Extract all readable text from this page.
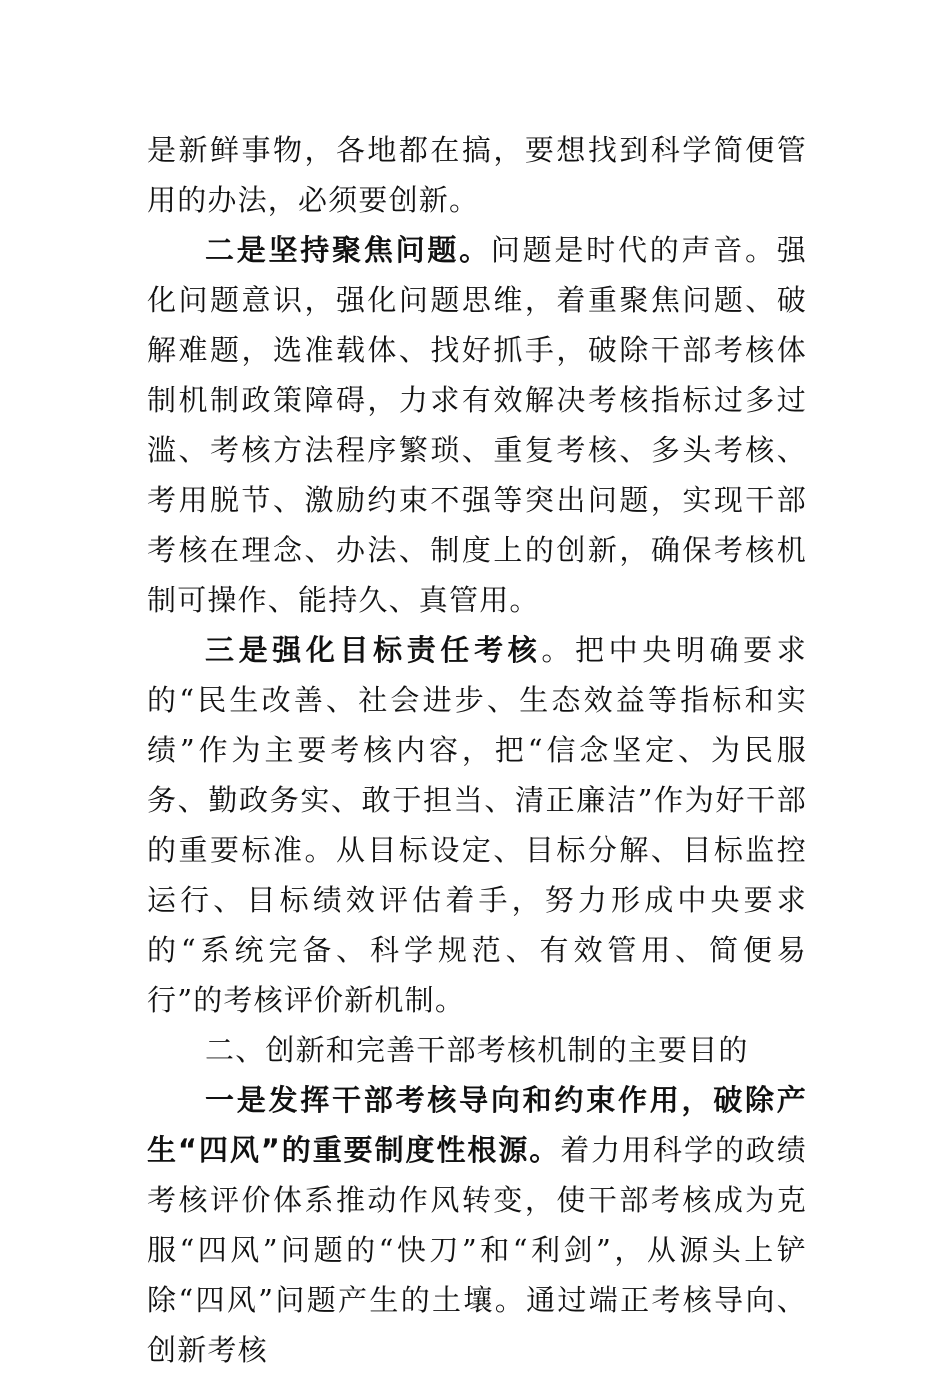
是新鲜事物，各地都在搞，要想找到科学简便管用的办法，必须要创新。

二是坚持聚焦问题。问题是时代的声音。强化问题意识，强化问题思维，着重聚焦问题、破解难题，选准载体、找好抓手，破除干部考核体制机制政策障碍，力求有效解决考核指标过多过滥、考核方法程序繁琐、重复考核、多头考核、考用脱节、激励约束不强等突出问题，实现干部考核在理念、办法、制度上的创新，确保考核机制可操作、能持久、真管用。

三是强化目标责任考核。把中央明确要求的“民生改善、社会进步、生态效益等指标和实绩”作为主要考核内容，把“信念坚定、为民服务、勤政务实、敢于担当、清正廉洁”作为好干部的重要标准。从目标设定、目标分解、目标监控运行、目标绩效评估着手，努力形成中央要求的“系统完备、科学规范、有效管用、简便易行”的考核评价新机制。

二、创新和完善干部考核机制的主要目的

一是发挥干部考核导向和约束作用，破除产生“四风”的重要制度性根源。着力用科学的政绩考核评价体系推动作风转变，使干部考核成为克服“四风”问题的“快刀”和“利剑”，从源头上铲除“四风”问题产生的土壤。通过端正考核导向、创新考核
